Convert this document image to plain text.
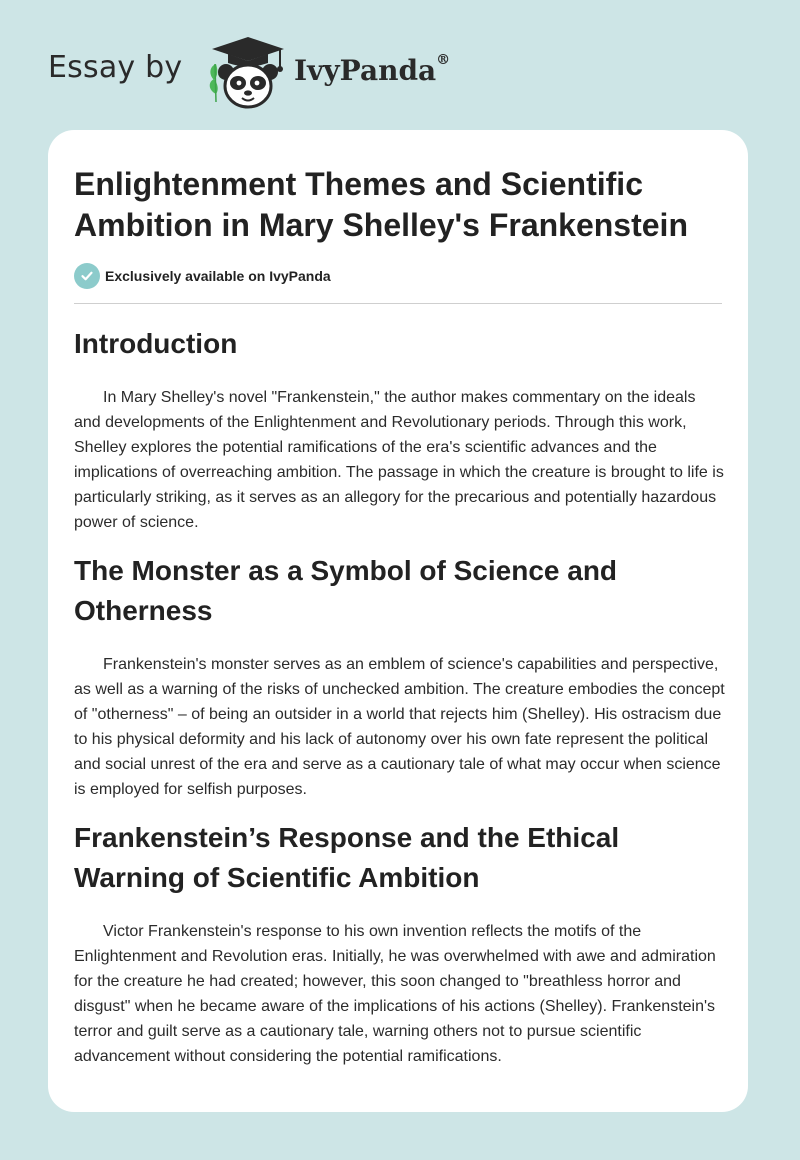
Essay by	IvyPanda®
Enlightenment Themes and Scientific Ambition in Mary Shelley's Frankenstein
Exclusively available on IvyPanda
Introduction

In Mary Shelley's novel "Frankenstein," the author makes commentary on the ideals and developments of the Enlightenment and Revolutionary periods. Through this work, Shelley explores the potential ramifications of the era's scientific advances and the implications of overreaching ambition. The passage in which the creature is brought to life is particularly striking, as it serves as an allegory for the precarious and potentially hazardous power of science.

The Monster as a Symbol of Science and Otherness

Frankenstein's monster serves as an emblem of science's capabilities and perspective, as well as a warning of the risks of unchecked ambition. The creature embodies the concept of "otherness" – of being an outsider in a world that rejects him (Shelley). His ostracism due to his physical deformity and his lack of autonomy over his own fate represent the political and social unrest of the era and serve as a cautionary tale of what may occur when science is employed for selfish purposes.

Frankenstein’s Response and the Ethical Warning of Scientific Ambition

Victor Frankenstein's response to his own invention reflects the motifs of the Enlightenment and Revolution eras. Initially, he was overwhelmed with awe and admiration for the creature he had created; however, this soon changed to "breathless horror and disgust" when he became aware of the implications of his actions (Shelley). Frankenstein's terror and guilt serve as a cautionary tale, warning others not to pursue scientific advancement without considering the potential ramifications.
